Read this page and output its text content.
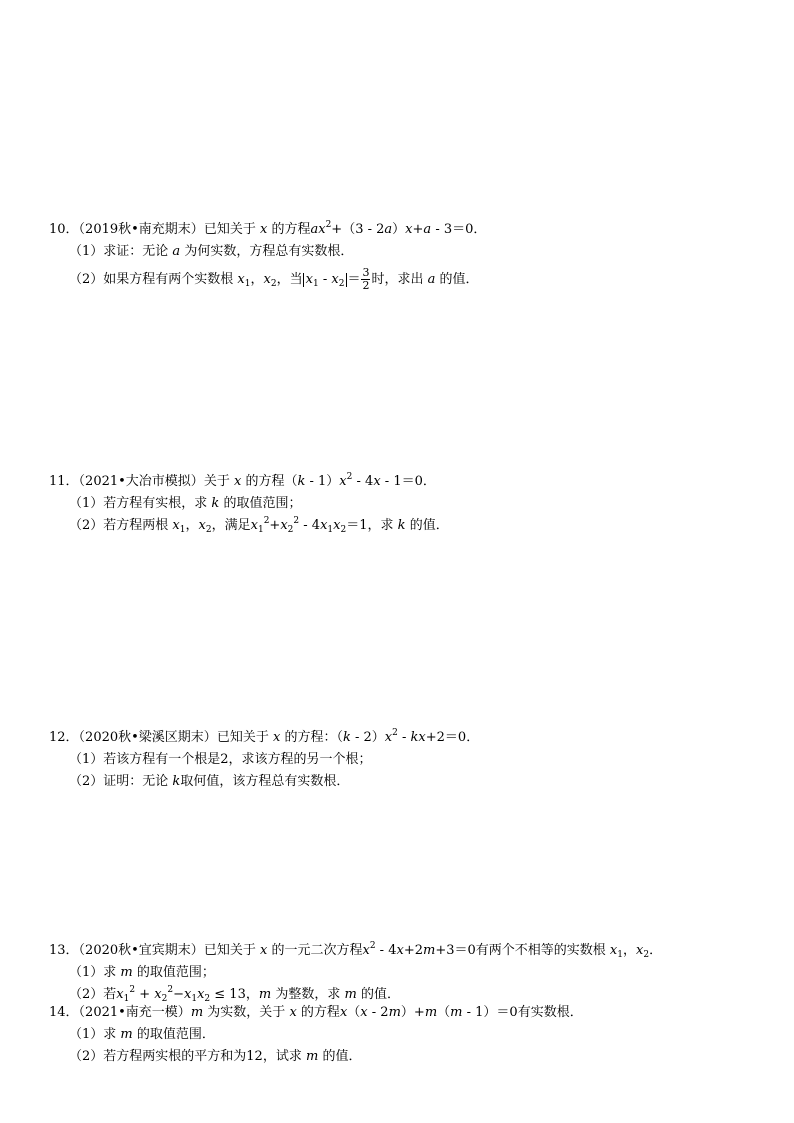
10．（2019秋•南充期末）已知关于 x 的方程$ax^2+(3 - 2a)x+a - 3=0$．
（1）求证：无论 a 为何实数，方程总有实数根．
（2）如果方程有两个实数根 $x_1$，$x_2$，当 $x_1 - x_2 = \frac{3}{2}$ 时，求出 a 的值．
11．（2021•大冶市模拟）关于 x 的方程$(k - 1)x^2 - 4x - 1=0$．
（1）若方程有实根，求 k 的取值范围；
（2）若方程两根 $x_1$，$x_2$，满足$x_1^2+x_2^2 - 4x_1x_2=1$，求 k 的值．
12．（2020秋•梁溪区期末）已知关于 x 的方程：$(k - 2)x^2 - kx+2=0$．
（1）若该方程有一个根是2，求该方程的另一个根；
（2）证明：无论 k取何值，该方程总有实数根．
13．（2020秋•宜宾期末）已知关于 x 的一元二次方程$x^2 - 4x+2m+3=0$有两个不相等的实数根 $x_1$，$x_2$．
（1）求 m 的取值范围；
（2）若$x_1^2 + x_2^2-x_1x_2 \le 13$，m 为整数，求 m 的值．
14．（2021•南充一模）m 为实数，关于 x 的方程x（x - 2m）+m（m - 1）＝0有实数根．
（1）求 m 的取值范围．
（2）若方程两实根的平方和为12，试求 m 的值．
